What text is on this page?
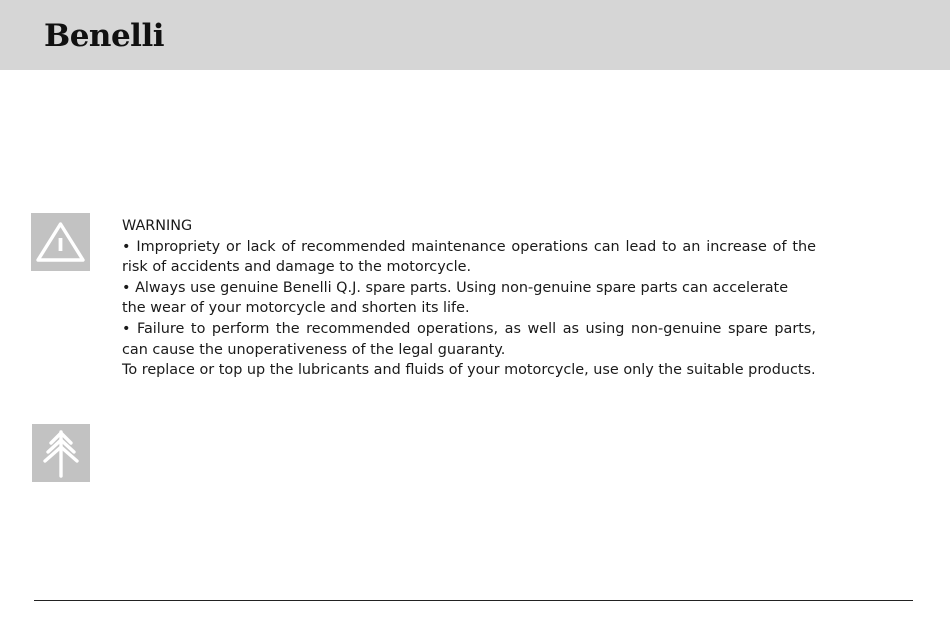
Benelli
WARNING
• Impropriety or lack of recommended maintenance operations can lead to an increase of the
risk of accidents and damage to the motorcycle.
• Always use genuine Benelli Q.J. spare parts. Using non-genuine spare parts can accelerate
the wear of your motorcycle and shorten its life.
• Failure to perform the recommended operations, as well as using non-genuine spare parts,
can cause the unoperativeness of the legal guaranty.
To replace or top up the lubricants and fluids of your motorcycle, use only the suitable products.
